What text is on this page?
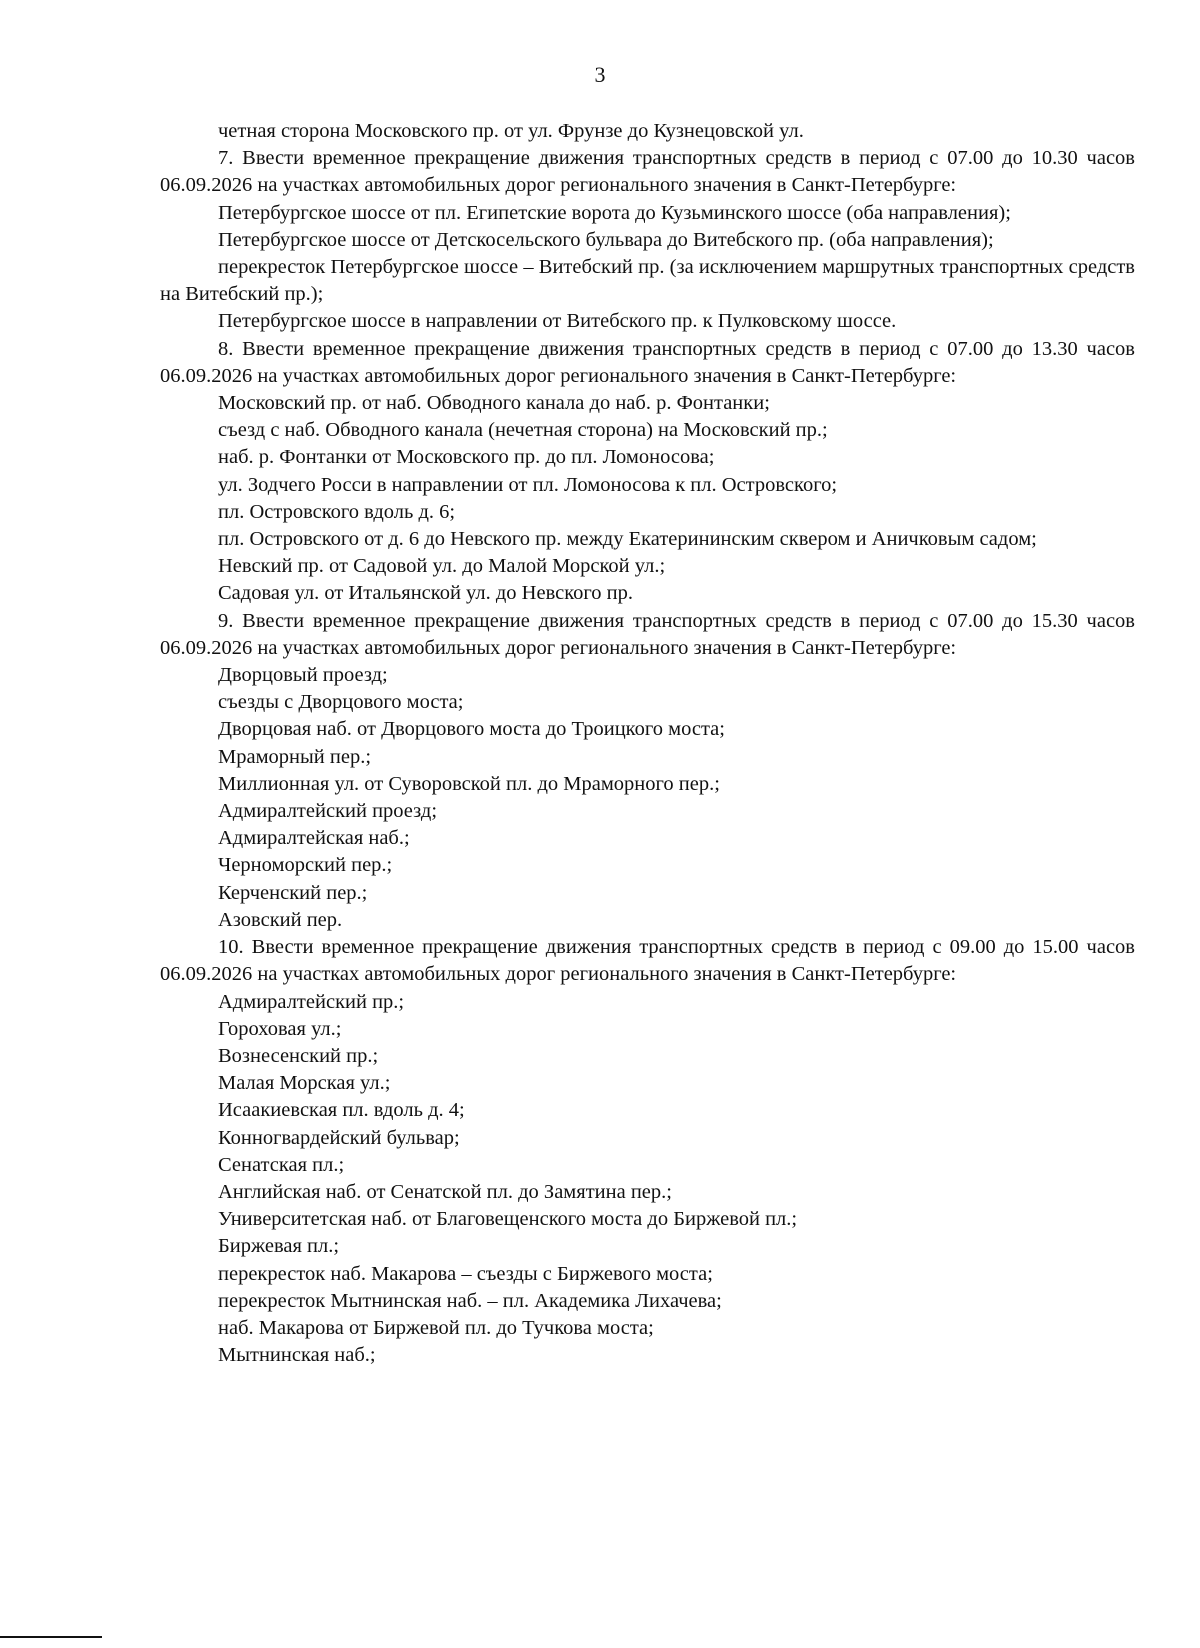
3

четная сторона Московского пр. от ул. Фрунзе до Кузнецовской ул.

7. Ввести временное прекращение движения транспортных средств в период с 07.00 до 10.30 часов 06.09.2026 на участках автомобильных дорог регионального значения в Санкт-Петербурге:

Петербургское шоссе от пл. Египетские ворота до Кузьминского шоссе (оба направления);

Петербургское шоссе от Детскосельского бульвара до Витебского пр. (оба направления);

перекресток Петербургское шоссе – Витебский пр. (за исключением маршрутных транспортных средств на Витебский пр.);

Петербургское шоссе в направлении от Витебского пр. к Пулковскому шоссе.

8. Ввести временное прекращение движения транспортных средств в период с 07.00 до 13.30 часов 06.09.2026 на участках автомобильных дорог регионального значения в Санкт-Петербурге:

Московский пр. от наб. Обводного канала до наб. р. Фонтанки;

съезд с наб. Обводного канала (нечетная сторона) на Московский пр.;

наб. р. Фонтанки от Московского пр. до пл. Ломоносова;

ул. Зодчего Росси в направлении от пл. Ломоносова к пл. Островского;

пл. Островского вдоль д. 6;

пл. Островского от д. 6 до Невского пр. между Екатерининским сквером и Аничковым садом;

Невский пр. от Садовой ул. до Малой Морской ул.;

Садовая ул. от Итальянской ул. до Невского пр.

9. Ввести временное прекращение движения транспортных средств в период с 07.00 до 15.30 часов 06.09.2026 на участках автомобильных дорог регионального значения в Санкт-Петербурге:

Дворцовый проезд;

съезды с Дворцового моста;

Дворцовая наб. от Дворцового моста до Троицкого моста;

Мраморный пер.;

Миллионная ул. от Суворовской пл. до Мраморного пер.;

Адмиралтейский проезд;

Адмиралтейская наб.;

Черноморский пер.;

Керченский пер.;

Азовский пер.

10. Ввести временное прекращение движения транспортных средств в период с 09.00 до 15.00 часов 06.09.2026 на участках автомобильных дорог регионального значения в Санкт-Петербурге:

Адмиралтейский пр.;

Гороховая ул.;

Вознесенский пр.;

Малая Морская ул.;

Исаакиевская пл. вдоль д. 4;

Конногвардейский бульвар;

Сенатская пл.;

Английская наб. от Сенатской пл. до Замятина пер.;

Университетская наб. от Благовещенского моста до Биржевой пл.;

Биржевая пл.;

перекресток наб. Макарова – съезды с Биржевого моста;

перекресток Мытнинская наб. – пл. Академика Лихачева;

наб. Макарова от Биржевой пл. до Тучкова моста;

Мытнинская наб.;
